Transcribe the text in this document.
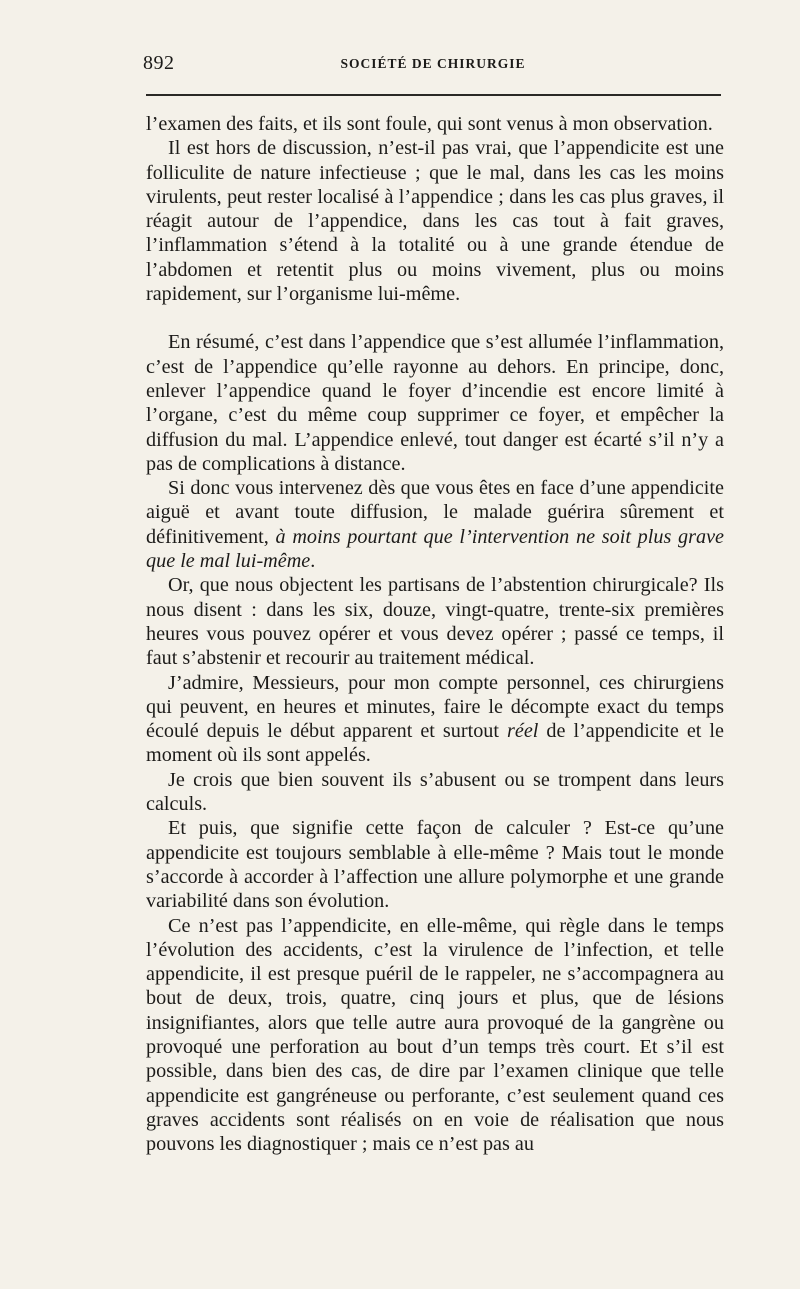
892	SOCIÉTÉ DE CHIRURGIE

l’examen des faits, et ils sont foule, qui sont venus à mon observation.

Il est hors de discussion, n’est-il pas vrai, que l’appendicite est une folliculite de nature infectieuse ; que le mal, dans les cas les moins virulents, peut rester localisé à l’appendice ; dans les cas plus graves, il réagit autour de l’appendice, dans les cas tout à fait graves, l’inflammation s’étend à la totalité ou à une grande étendue de l’abdomen et retentit plus ou moins vivement, plus ou moins rapidement, sur l’organisme lui-même.

En résumé, c’est dans l’appendice que s’est allumée l’inflammation, c’est de l’appendice qu’elle rayonne au dehors. En principe, donc, enlever l’appendice quand le foyer d’incendie est encore limité à l’organe, c’est du même coup supprimer ce foyer, et empêcher la diffusion du mal. L’appendice enlevé, tout danger est écarté s’il n’y a pas de complications à distance.

Si donc vous intervenez dès que vous êtes en face d’une appendicite aiguë et avant toute diffusion, le malade guérira sûrement et définitivement, à moins pourtant que l’intervention ne soit plus grave que le mal lui-même.

Or, que nous objectent les partisans de l’abstention chirurgicale? Ils nous disent : dans les six, douze, vingt-quatre, trente-six premières heures vous pouvez opérer et vous devez opérer ; passé ce temps, il faut s’abstenir et recourir au traitement médical.

J’admire, Messieurs, pour mon compte personnel, ces chirurgiens qui peuvent, en heures et minutes, faire le décompte exact du temps écoulé depuis le début apparent et surtout réel de l’appendicite et le moment où ils sont appelés.

Je crois que bien souvent ils s’abusent ou se trompent dans leurs calculs.

Et puis, que signifie cette façon de calculer ? Est-ce qu’une appendicite est toujours semblable à elle-même ? Mais tout le monde s’accorde à accorder à l’affection une allure polymorphe et une grande variabilité dans son évolution.

Ce n’est pas l’appendicite, en elle-même, qui règle dans le temps l’évolution des accidents, c’est la virulence de l’infection, et telle appendicite, il est presque puéril de le rappeler, ne s’accompagnera au bout de deux, trois, quatre, cinq jours et plus, que de lésions insignifiantes, alors que telle autre aura provoqué de la gangrène ou provoqué une perforation au bout d’un temps très court. Et s’il est possible, dans bien des cas, de dire par l’examen clinique que telle appendicite est gangréneuse ou perforante, c’est seulement quand ces graves accidents sont réalisés on en voie de réalisation que nous pouvons les diagnostiquer ; mais ce n’est pas au
